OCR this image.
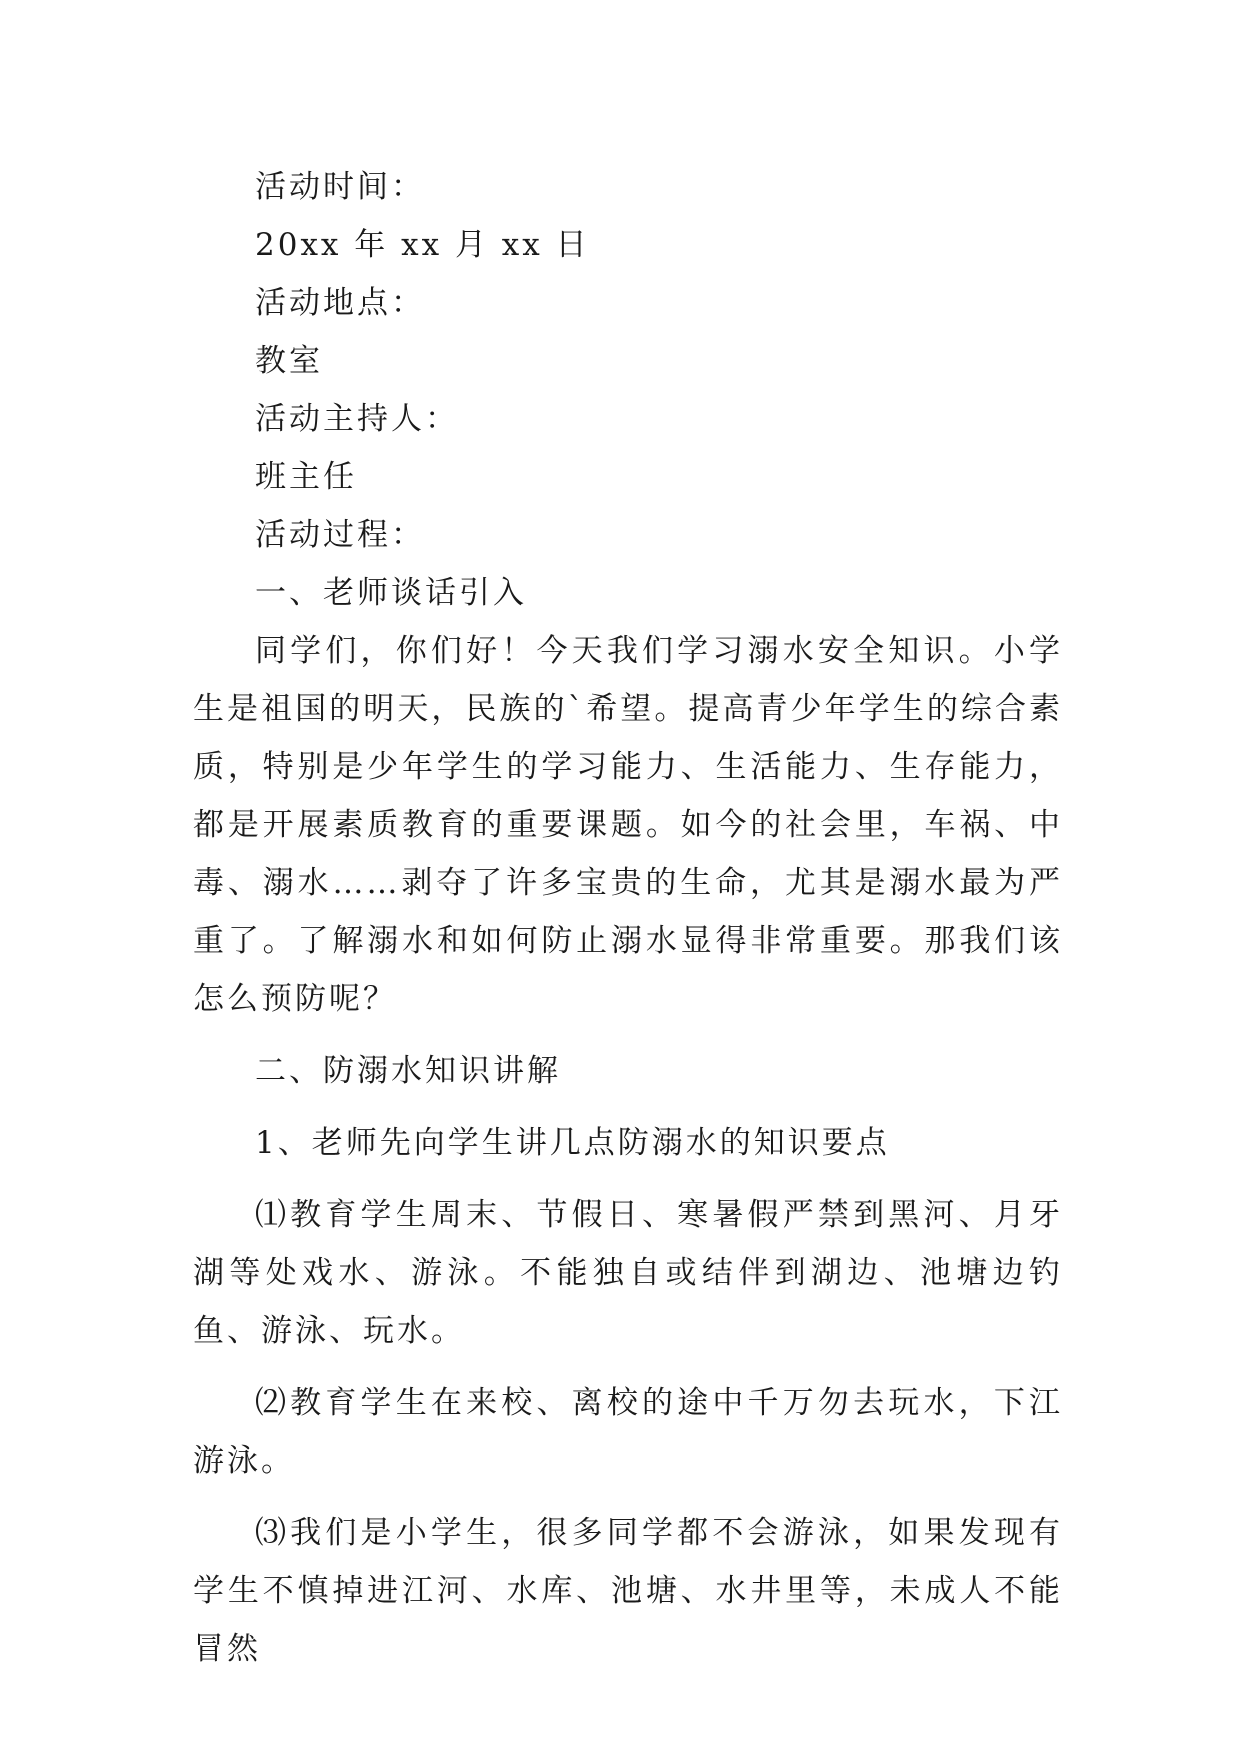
活动时间：

20xx 年 xx 月 xx 日

活动地点：

教室

活动主持人：

班主任

活动过程：

一、老师谈话引入

同学们，你们好！今天我们学习溺水安全知识。小学生是祖国的明天，民族的`希望。提高青少年学生的综合素质，特别是少年学生的学习能力、生活能力、生存能力，都是开展素质教育的重要课题。如今的社会里，车祸、中毒、溺水……剥夺了许多宝贵的生命，尤其是溺水最为严重了。了解溺水和如何防止溺水显得非常重要。那我们该怎么预防呢？

二、防溺水知识讲解

1、老师先向学生讲几点防溺水的知识要点

⑴教育学生周末、节假日、寒暑假严禁到黑河、月牙湖等处戏水、游泳。不能独自或结伴到湖边、池塘边钓鱼、游泳、玩水。

⑵教育学生在来校、离校的途中千万勿去玩水，下江游泳。

⑶我们是小学生，很多同学都不会游泳，如果发现有学生不慎掉进江河、水库、池塘、水井里等，未成人不能冒然
